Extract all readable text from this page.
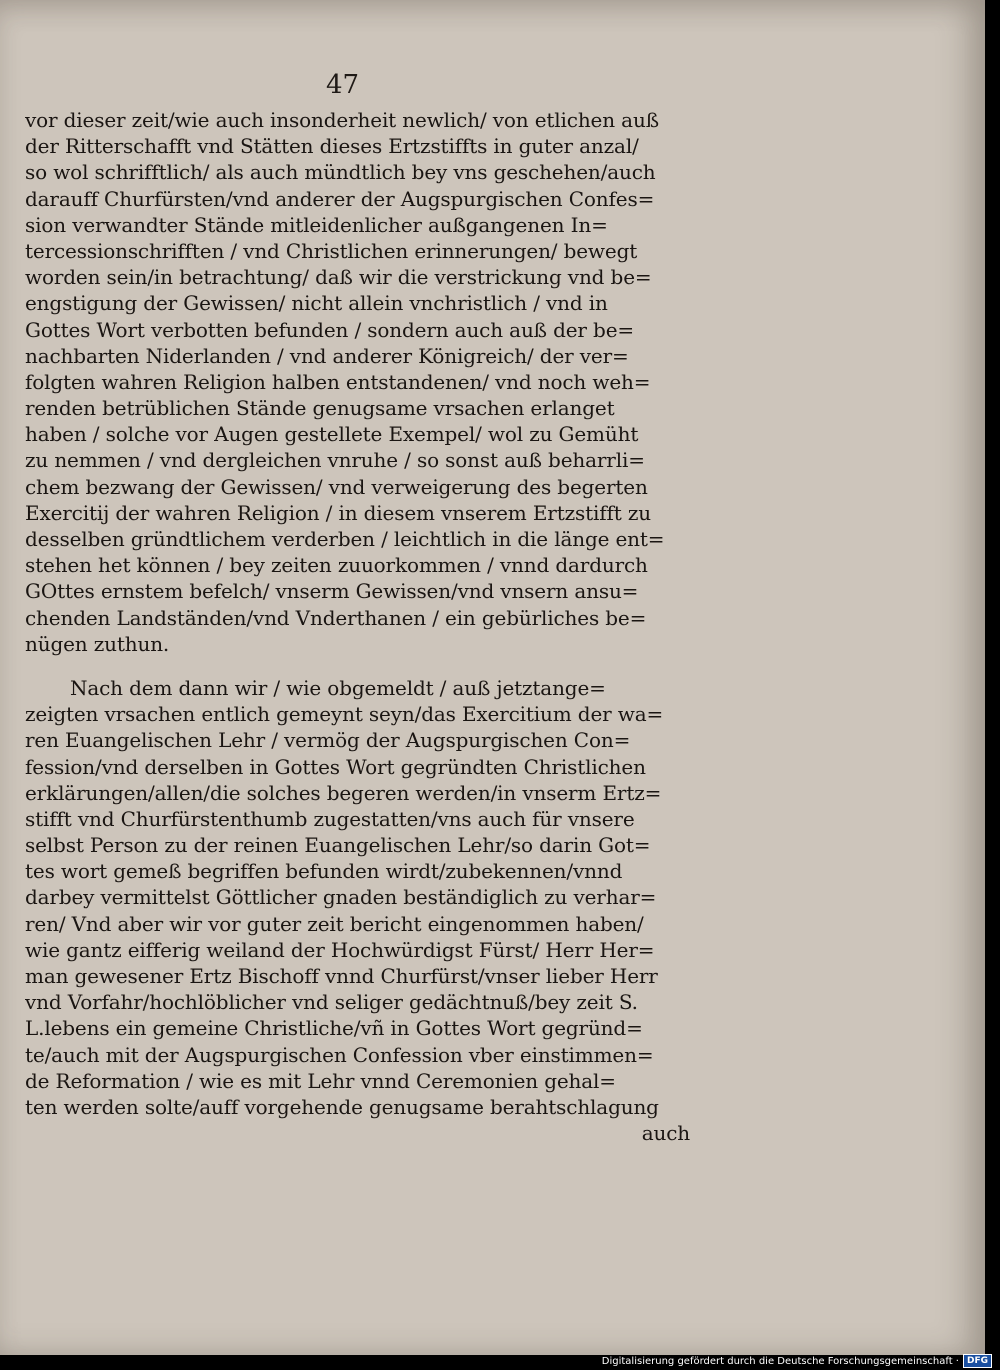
47
vor dieser zeit/wie auch insonderheit newlich/ von etlichen auß
der Ritterschafft vnd Stätten dieses Ertzstiffts in guter anzal/
so wol schrifftlich/ als auch mündtlich bey vns geschehen/auch
darauff Churfürsten/vnd anderer der Augspurgischen Confes=
sion verwandter Stände mitleidenlicher außgangenen In=
tercessionschrifften / vnd Christlichen erinnerungen/ bewegt
worden sein/in betrachtung/ daß wir die verstrickung vnd be=
engstigung der Gewissen/ nicht allein vnchristlich / vnd in
Gottes Wort verbotten befunden / sondern auch auß der be=
nachbarten Niderlanden / vnd anderer Königreich/ der ver=
folgten wahren Religion halben entstandenen/ vnd noch weh=
renden betrüblichen Stände genugsame vrsachen erlanget
haben / solche vor Augen gestellete Exempel/ wol zu Gemüht
zu nemmen / vnd dergleichen vnruhe / so sonst auß beharrli=
chem bezwang der Gewissen/ vnd verweigerung des begerten
Exercitij der wahren Religion / in diesem vnserem Ertzstifft zu
desselben gründtlichem verderben / leichtlich in die länge ent=
stehen het können / bey zeiten zuuorkommen / vnnd dardurch
GOttes ernstem befelch/ vnserm Gewissen/vnd vnsern ansu=
chenden Landständen/vnd Vnderthanen / ein gebürliches be=
nügen zuthun.
Nach dem dann wir / wie obgemeldt / auß jetztange=
zeigten vrsachen entlich gemeynt seyn/das Exercitium der wa=
ren Euangelischen Lehr / vermög der Augspurgischen Con=
fession/vnd derselben in Gottes Wort gegründten Christlichen
erklärungen/allen/die solches begeren werden/in vnserm Ertz=
stifft vnd Churfürstenthumb zugestatten/vns auch für vnsere
selbst Person zu der reinen Euangelischen Lehr/so darin Got=
tes wort gemeß begriffen befunden wirdt/zubekennen/vnnd
darbey vermittelst Göttlicher gnaden beständiglich zu verhar=
ren/ Vnd aber wir vor guter zeit bericht eingenommen haben/
wie gantz eifferig weiland der Hochwürdigst Fürst/ Herr Her=
man gewesener Ertz Bischoff vnnd Churfürst/vnser lieber Herr
vnd Vorfahr/hochlöblicher vnd seliger gedächtnuß/bey zeit S.
L.lebens ein gemeine Christliche/vñ in Gottes Wort gegründ=
te/auch mit der Augspurgischen Confession vber einstimmen=
de Reformation / wie es mit Lehr vnnd Ceremonien gehal=
ten werden solte/auff vorgehende genugsame berahtschlagung
auch
Digitalisierung gefördert durch die Deutsche Forschungsgemeinschaft · DFG
